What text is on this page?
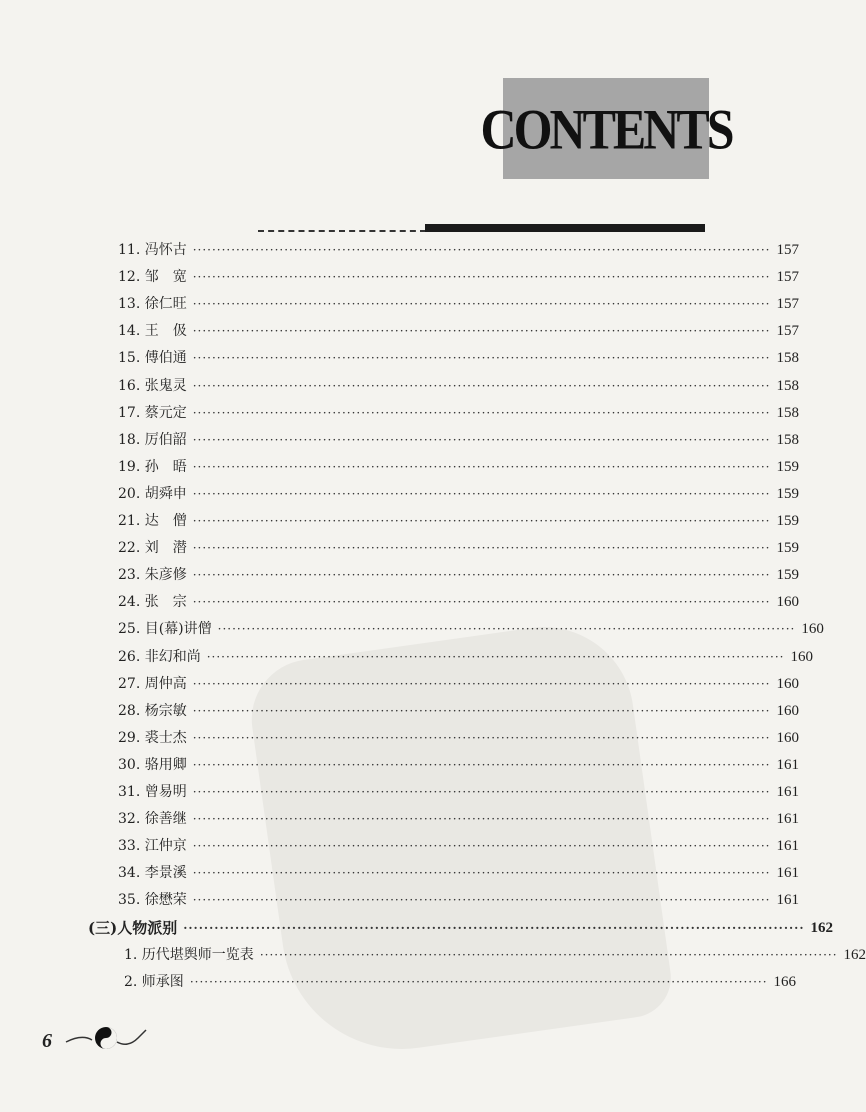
CONTENTS
11. 冯怀古 ························································································································ 157
12. 邹　宽 ························································································································ 157
13. 徐仁旺 ························································································································ 157
14. 王　伋 ························································································································ 157
15. 傅伯通 ························································································································ 158
16. 张鬼灵 ························································································································ 158
17. 蔡元定 ························································································································ 158
18. 厉伯韶 ························································································································ 158
19. 孙　晤 ························································································································ 159
20. 胡舜申 ························································································································ 159
21. 达　僧 ························································································································ 159
22. 刘　潜 ························································································································ 159
23. 朱彦修 ························································································································ 159
24. 张　宗 ························································································································ 160
25. 目(幕)讲僧 ························································································································ 160
26. 非幻和尚 ························································································································ 160
27. 周仲高 ························································································································ 160
28. 杨宗敏 ························································································································ 160
29. 裘士杰 ························································································································ 160
30. 骆用卿 ························································································································ 161
31. 曾易明 ························································································································ 161
32. 徐善继 ························································································································ 161
33. 江仲京 ························································································································ 161
34. 李景溪 ························································································································ 161
35. 徐懋荣 ························································································································ 161
(三)人物派别 ························································································································ 162
1. 历代堪舆师一览表 ························································································································ 162
2. 师承图 ························································································································ 166
6
